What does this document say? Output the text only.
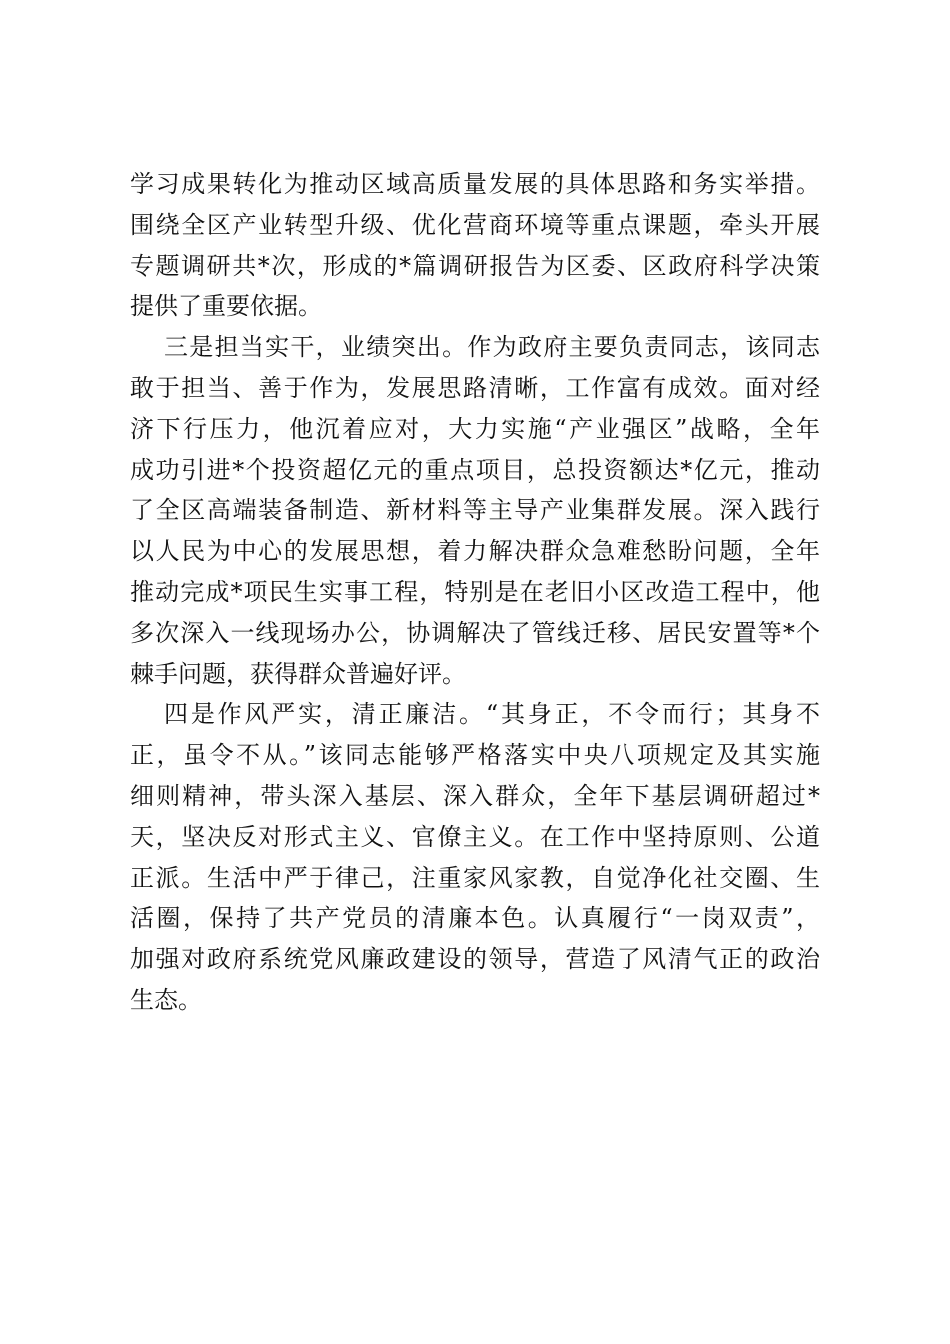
学习成果转化为推动区域高质量发展的具体思路和务实举措。
围绕全区产业转型升级、优化营商环境等重点课题，牵头开展
专题调研共*次，形成的*篇调研报告为区委、区政府科学决策
提供了重要依据。
三是担当实干，业绩突出。作为政府主要负责同志，该同志
敢于担当、善于作为，发展思路清晰，工作富有成效。面对经
济下行压力，他沉着应对，大力实施“产业强区”战略，全年
成功引进*个投资超亿元的重点项目，总投资额达*亿元，推动
了全区高端装备制造、新材料等主导产业集群发展。深入践行
以人民为中心的发展思想，着力解决群众急难愁盼问题，全年
推动完成*项民生实事工程，特别是在老旧小区改造工程中，他
多次深入一线现场办公，协调解决了管线迁移、居民安置等*个
棘手问题，获得群众普遍好评。
四是作风严实，清正廉洁。“其身正，不令而行；其身不
正，虽令不从。”该同志能够严格落实中央八项规定及其实施
细则精神，带头深入基层、深入群众，全年下基层调研超过*
天，坚决反对形式主义、官僚主义。在工作中坚持原则、公道
正派。生活中严于律己，注重家风家教，自觉净化社交圈、生
活圈，保持了共产党员的清廉本色。认真履行“一岗双责”，
加强对政府系统党风廉政建设的领导，营造了风清气正的政治
生态。
